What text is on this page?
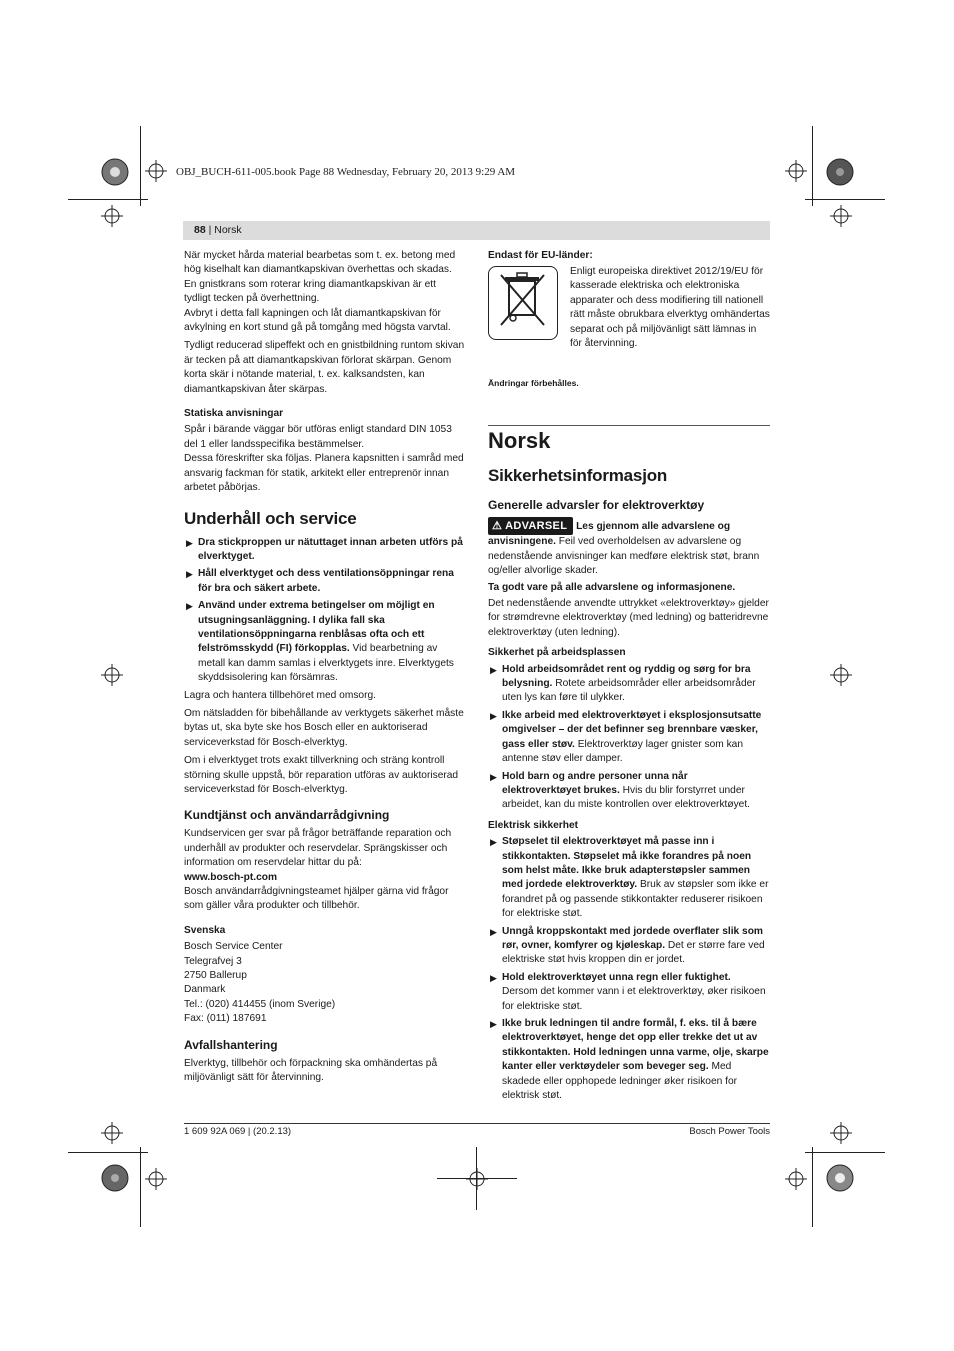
OBJ_BUCH-611-005.book Page 88 Wednesday, February 20, 2013 9:29 AM
88 | Norsk

När mycket hårda material bearbetas som t. ex. betong med hög kiselhalt kan diamantkapskivan överhettas och skadas. En gnistkrans som roterar kring diamantkapskivan är ett tydligt tecken på överhettning.

Avbryt i detta fall kapningen och låt diamantkapskivan för avkylning en kort stund gå på tomgång med högsta varvtal.

Tydligt reducerad slipeffekt och en gnistbildning runtom skivan är tecken på att diamantkapskivan förlorat skärpan. Genom korta skär i nötande material, t. ex. kalksandsten, kan diamantkapskivan åter skärpas.

Statiska anvisningar

Spår i bärande väggar bör utföras enligt standard DIN 1053 del 1 eller landsspecifika bestämmelser.

Dessa föreskrifter ska följas. Planera kapsnitten i samråd med ansvarig fackman för statik, arkitekt eller entreprenör innan arbetet påbörjas.

Underhåll och service
▶ Dra stickproppen ur nätuttaget innan arbeten utförs på elverktyget.
▶ Håll elverktyget och dess ventilationsöppningar rena för bra och säkert arbete.
▶ Använd under extrema betingelser om möjligt en utsugningsanläggning. I dylika fall ska ventilationsöppningarna renblåsas ofta och ett felströmsskydd (FI) förkopplas. Vid bearbetning av metall kan damm samlas i elverktygets inre. Elverktygets skyddsisolering kan försämras.

Lagra och hantera tillbehöret med omsorg.

Om nätsladden för bibehållande av verktygets säkerhet måste bytas ut, ska byte ske hos Bosch eller en auktoriserad serviceverkstad för Bosch-elverktyg.

Om i elverktyget trots exakt tillverkning och sträng kontroll störning skulle uppstå, bör reparation utföras av auktoriserad serviceverkstad för Bosch-elverktyg.

Kundtjänst och användarrådgivning

Kundservicen ger svar på frågor beträffande reparation och underhåll av produkter och reservdelar. Sprängskisser och information om reservdelar hittar du på:

www.bosch-pt.com

Bosch användarrådgivningsteamet hjälper gärna vid frågor som gäller våra produkter och tillbehör.

Svenska
Bosch Service Center
Telegrafvej 3
2750 Ballerup
Danmark
Tel.: (020) 414455 (inom Sverige)
Fax: (011) 187691
Avfallshantering

Elverktyg, tillbehör och förpackning ska omhändertas på miljövänligt sätt för återvinning.

Endast för EU-länder:
Enligt europeiska direktivet 2012/19/EU för kasserade elektriska och elektroniska apparater och dess modifiering till nationell rätt måste obrukbara elverktyg omhändertas separat och på miljövänligt sätt lämnas in för återvinning.
Ändringar förbehålles.
Norsk
Sikkerhetsinformasjon
Generelle advarsler for elektroverktøy

⚠ ADVARSEL Les gjennom alle advarslene og anvisningene. Feil ved overholdelsen av advarslene og nedenstående anvisninger kan medføre elektrisk støt, brann og/eller alvorlige skader.

Ta godt vare på alle advarslene og informasjonene.

Det nedenstående anvendte uttrykket «elektroverktøy» gjelder for strømdrevne elektroverktøy (med ledning) og batteridrevne elektroverktøy (uten ledning).

Sikkerhet på arbeidsplassen
▶ Hold arbeidsområdet rent og ryddig og sørg for bra belysning. Rotete arbeidsområder eller arbeidsområder uten lys kan føre til ulykker.
▶ Ikke arbeid med elektroverktøyet i eksplosjonsutsatte omgivelser – der det befinner seg brennbare væsker, gass eller støv. Elektroverktøy lager gnister som kan antenne støv eller damper.
▶ Hold barn og andre personer unna når elektroverktøyet brukes. Hvis du blir forstyrret under arbeidet, kan du miste kontrollen over elektroverktøyet.
Elektrisk sikkerhet
▶ Støpselet til elektroverktøyet må passe inn i stikkontakten. Støpselet må ikke forandres på noen som helst måte. Ikke bruk adapterstøpsler sammen med jordede elektroverktøy. Bruk av støpsler som ikke er forandret på og passende stikkontakter reduserer risikoen for elektriske støt.
▶ Unngå kroppskontakt med jordede overflater slik som rør, ovner, komfyrer og kjøleskap. Det er større fare ved elektriske støt hvis kroppen din er jordet.
▶ Hold elektroverktøyet unna regn eller fuktighet. Dersom det kommer vann i et elektroverktøy, øker risikoen for elektriske støt.
▶ Ikke bruk ledningen til andre formål, f. eks. til å bære elektroverktøyet, henge det opp eller trekke det ut av stikkontakten. Hold ledningen unna varme, olje, skarpe kanter eller verktøydeler som beveger seg. Med skadede eller opphopede ledninger øker risikoen for elektrisk støt.
1 609 92A 069 | (20.2.13)	Bosch Power Tools
